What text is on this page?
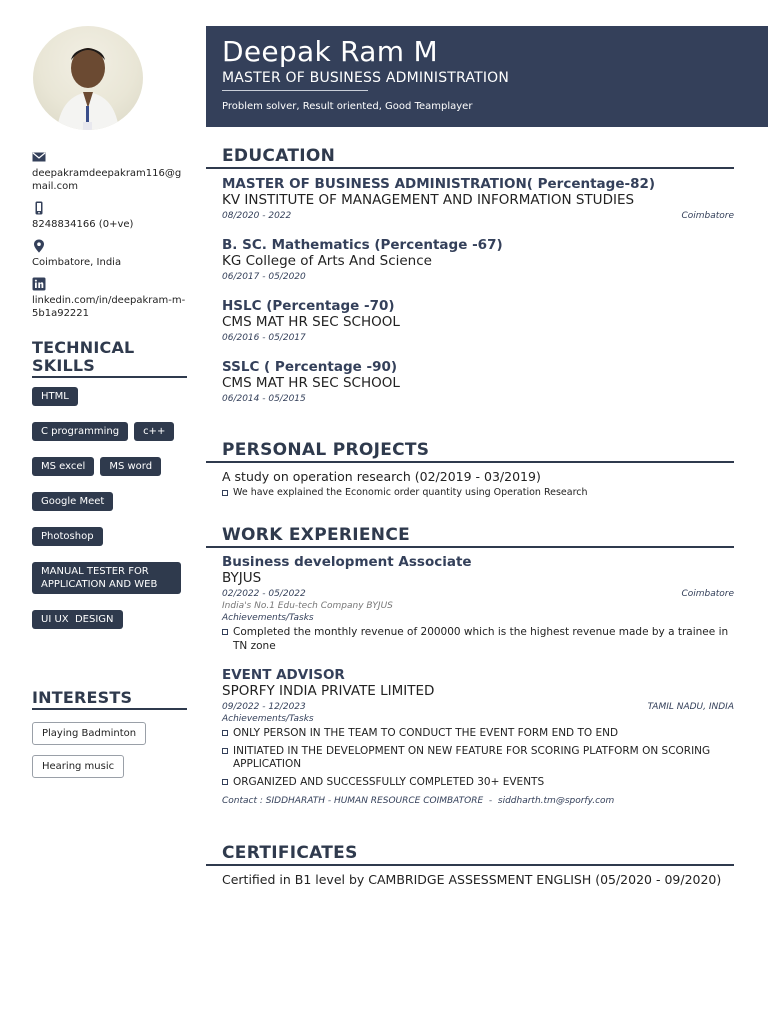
deepakramdeepakram116@gmail.com
8248834166 (0+ve)
Coimbatore, India
linkedin.com/in/deepakram-m-5b1a92221
TECHNICAL SKILLS
HTML
C programming	c++
MS excel	MS word
Google Meet
Photoshop
MANUAL TESTER FOR APPLICATION AND WEB
UI UX  DESIGN
INTERESTS
Playing Badminton
Hearing music
Deepak Ram M
MASTER OF BUSINESS ADMINISTRATION
Problem solver, Result oriented, Good Teamplayer
EDUCATION
MASTER OF BUSINESS ADMINISTRATION( Percentage-82)
KV INSTITUTE OF MANAGEMENT AND INFORMATION STUDIES
08/2020 - 2022	Coimbatore
B. SC. Mathematics (Percentage -67)
KG College of Arts And Science
06/2017 - 05/2020
HSLC (Percentage -70)
CMS MAT HR SEC SCHOOL
06/2016 - 05/2017
SSLC ( Percentage -90)
CMS MAT HR SEC SCHOOL
06/2014 - 05/2015
PERSONAL PROJECTS
A study on operation research (02/2019 - 03/2019)
We have explained the Economic order quantity using Operation Research
WORK EXPERIENCE
Business development Associate
BYJUS
02/2022 - 05/2022	Coimbatore
India's No.1 Edu-tech Company BYJUS
Achievements/Tasks
Completed the monthly revenue of 200000 which is the highest revenue made by a trainee in TN zone
EVENT ADVISOR
SPORFY INDIA PRIVATE LIMITED
09/2022 - 12/2023	TAMIL NADU, INDIA
Achievements/Tasks
ONLY PERSON IN THE TEAM TO CONDUCT THE EVENT FORM END TO END
INITIATED IN THE DEVELOPMENT ON NEW FEATURE FOR SCORING PLATFORM ON SCORING APPLICATION
ORGANIZED AND SUCCESSFULLY COMPLETED 30+ EVENTS
Contact : SIDDHARATH - HUMAN RESOURCE COIMBATORE  -  siddharth.tm@sporfy.com
CERTIFICATES
Certified in B1 level by CAMBRIDGE ASSESSMENT ENGLISH (05/2020 - 09/2020)
